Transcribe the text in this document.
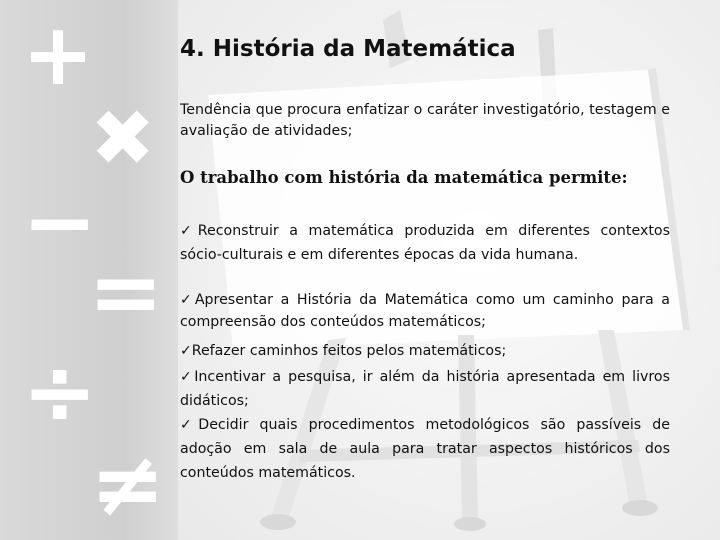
+
✖
−
=
÷
≠
4. História da Matemática
Tendência que procura enfatizar o caráter investigatório, testagem e avaliação de atividades;
O trabalho com história da matemática permite:
✓Reconstruir a matemática produzida em diferentes contextos sócio-culturais e em diferentes épocas da vida humana.
✓Apresentar a História da Matemática como um caminho para a compreensão dos conteúdos matemáticos;
✓Refazer caminhos feitos pelos matemáticos;
✓Incentivar a pesquisa, ir além da história apresentada em livros didáticos;
✓Decidir quais procedimentos metodológicos são passíveis de adoção em sala de aula para tratar aspectos históricos dos conteúdos matemáticos.
